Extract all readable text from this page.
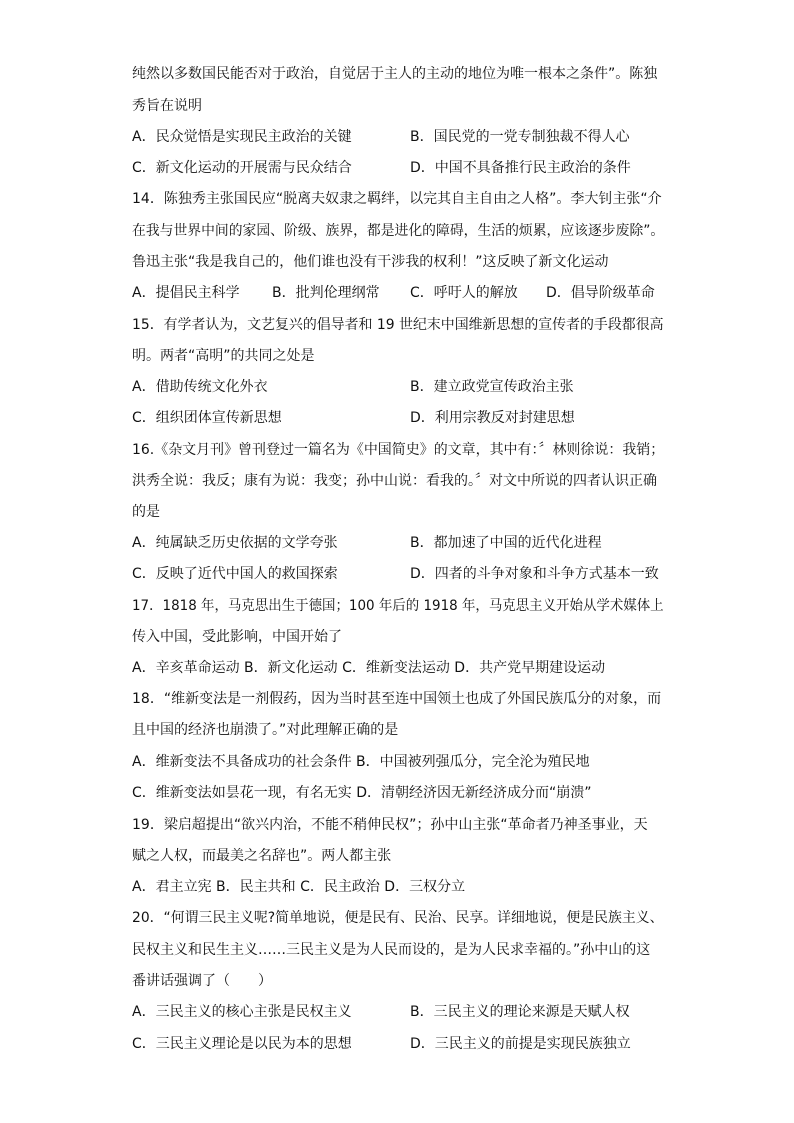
纯然以多数国民能否对于政治，自觉居于主人的主动的地位为唯一根本之条件”。陈独
秀旨在说明
A．民众觉悟是实现民主政治的关键	B．国民党的一党专制独裁不得人心
C．新文化运动的开展需与民众结合	D．中国不具备推行民主政治的条件
14．陈独秀主张国民应“脱离夫奴隶之羁绊，以完其自主自由之人格”。李大钊主张“介
在我与世界中间的家园、阶级、族界，都是进化的障碍，生活的烦累，应该逐步废除”。
鲁迅主张“我是我自己的，他们谁也没有干涉我的权利！”这反映了新文化运动
A．提倡民主科学 B．批判伦理纲常 C．呼吁人的解放 D．倡导阶级革命
15．有学者认为，文艺复兴的倡导者和 19 世纪末中国维新思想的宣传者的手段都很高
明。两者“高明”的共同之处是
A．借助传统文化外衣	B．建立政党宣传政治主张
C．组织团体宣传新思想	D．利用宗教反对封建思想
16.《杂文月刊》曾刊登过一篇名为《中国简史》的文章，其中有：〞林则徐说：我销；
洪秀全说：我反；康有为说：我变；孙中山说：看我的。〞对文中所说的四者认识正确
的是
A．纯属缺乏历史依据的文学夸张	B．都加速了中国的近代化进程
C．反映了近代中国人的救国探索	D．四者的斗争对象和斗争方式基本一致
17．1818 年，马克思出生于德国；100 年后的 1918 年，马克思主义开始从学术媒体上
传入中国，受此影响，中国开始了
A．辛亥革命运动 B．新文化运动 C．维新变法运动 D．共产党早期建设运动
18．“维新变法是一剂假药，因为当时甚至连中国领土也成了外国民族瓜分的对象，而
且中国的经济也崩溃了。”对此理解正确的是
A．维新变法不具备成功的社会条件 B．中国被列强瓜分，完全沦为殖民地
C．维新变法如昙花一现，有名无实 D．清朝经济因无新经济成分而“崩溃”
19．梁启超提出“欲兴内治，不能不稍伸民权”；孙中山主张“革命者乃神圣事业，天
赋之人权，而最美之名辞也”。两人都主张
A．君主立宪 B．民主共和 C．民主政治 D．三权分立
20．“何谓三民主义呢?简单地说，便是民有、民治、民享。详细地说，便是民族主义、
民权主义和民生主义……三民主义是为人民而设的，是为人民求幸福的。”孙中山的这
番讲话强调了（　　）
A．三民主义的核心主张是民权主义	B．三民主义的理论来源是天赋人权
C．三民主义理论是以民为本的思想	D．三民主义的前提是实现民族独立
